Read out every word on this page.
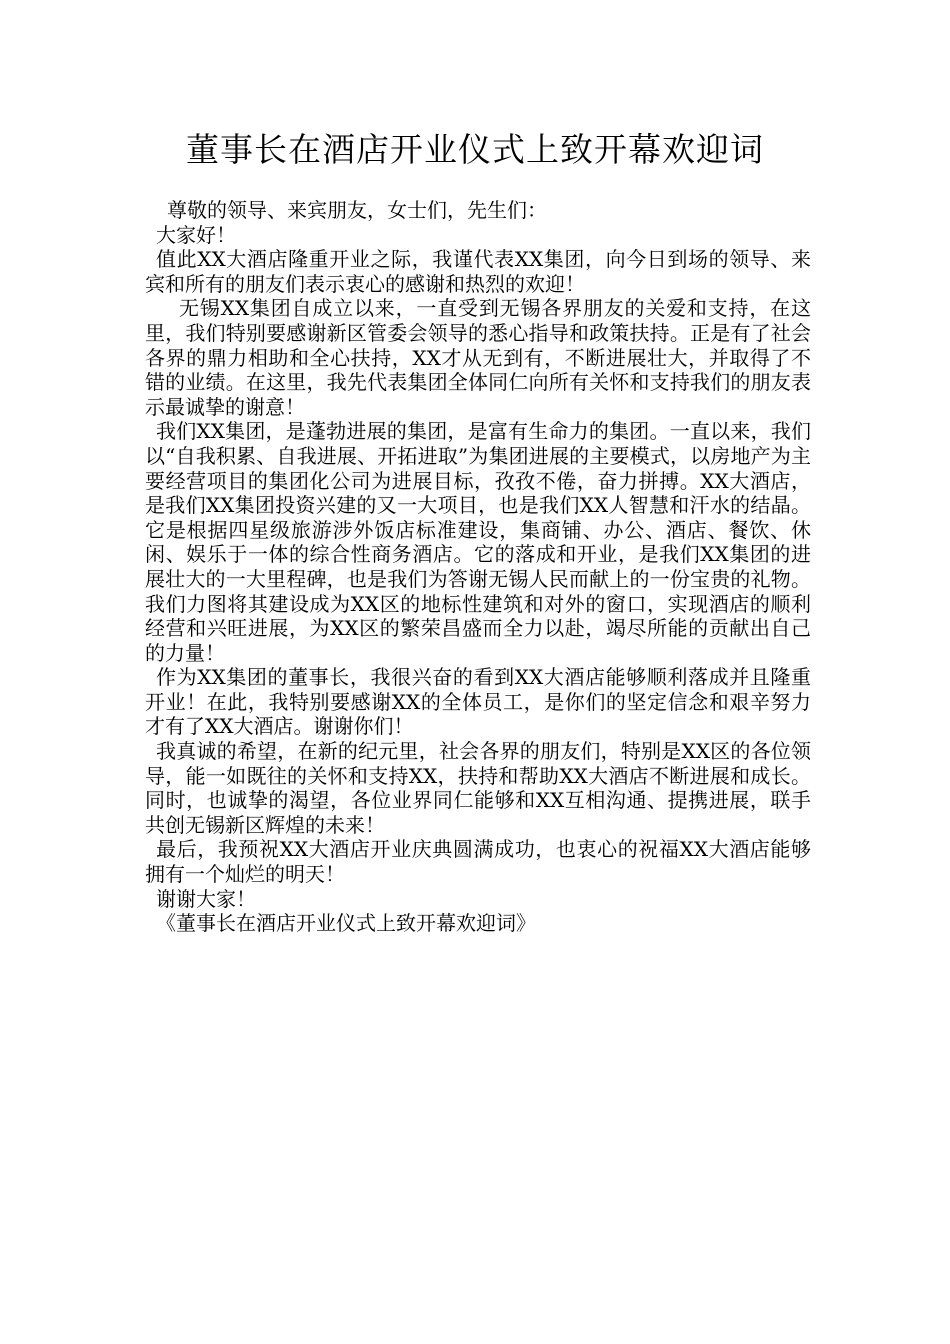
董事长在酒店开业仪式上致开幕欢迎词

尊敬的领导、来宾朋友，女士们，先生们：

大家好！

值此XX大酒店隆重开业之际，我谨代表XX集团，向今日到场的领导、来宾和所有的朋友们表示衷心的感谢和热烈的欢迎！

无锡XX集团自成立以来，一直受到无锡各界朋友的关爱和支持，在这里，我们特别要感谢新区管委会领导的悉心指导和政策扶持。正是有了社会各界的鼎力相助和全心扶持，XX才从无到有，不断进展壮大，并取得了不错的业绩。在这里，我先代表集团全体同仁向所有关怀和支持我们的朋友表示最诚挚的谢意！

我们XX集团，是蓬勃进展的集团，是富有生命力的集团。一直以来，我们以“自我积累、自我进展、开拓进取”为集团进展的主要模式，以房地产为主要经营项目的集团化公司为进展目标，孜孜不倦，奋力拼搏。XX大酒店，是我们XX集团投资兴建的又一大项目，也是我们XX人智慧和汗水的结晶。它是根据四星级旅游涉外饭店标准建设，集商铺、办公、酒店、餐饮、休闲、娱乐于一体的综合性商务酒店。它的落成和开业，是我们XX集团的进展壮大的一大里程碑，也是我们为答谢无锡人民而献上的一份宝贵的礼物。我们力图将其建设成为XX区的地标性建筑和对外的窗口，实现酒店的顺利经营和兴旺进展，为XX区的繁荣昌盛而全力以赴，竭尽所能的贡献出自己的力量！

作为XX集团的董事长，我很兴奋的看到XX大酒店能够顺利落成并且隆重开业！在此，我特别要感谢XX的全体员工，是你们的坚定信念和艰辛努力才有了XX大酒店。谢谢你们！

我真诚的希望，在新的纪元里，社会各界的朋友们，特别是XX区的各位领导，能一如既往的关怀和支持XX，扶持和帮助XX大酒店不断进展和成长。同时，也诚挚的渴望，各位业界同仁能够和XX互相沟通、提携进展，联手共创无锡新区辉煌的未来！

最后，我预祝XX大酒店开业庆典圆满成功，也衷心的祝福XX大酒店能够拥有一个灿烂的明天！

谢谢大家！

《董事长在酒店开业仪式上致开幕欢迎词》
